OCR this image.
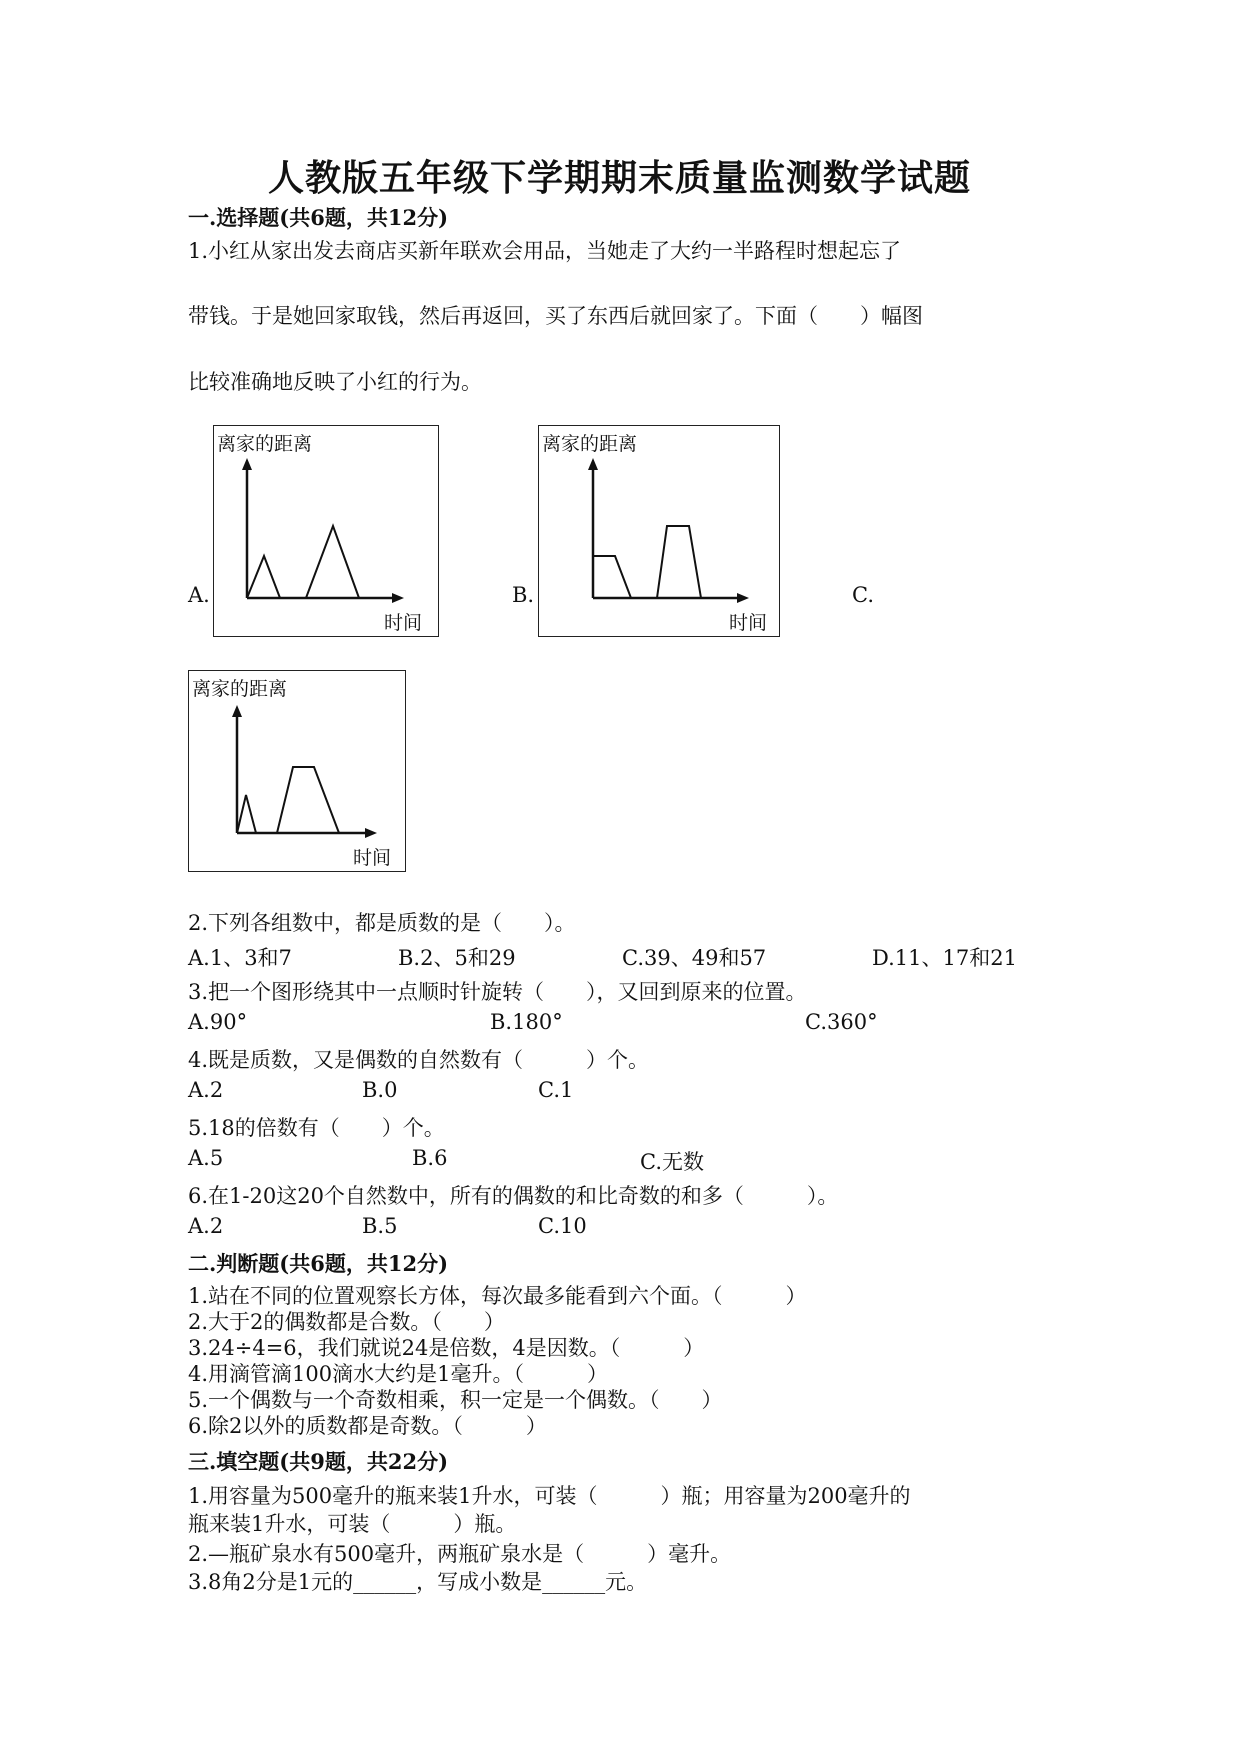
人教版五年级下学期期末质量监测数学试题
一.选择题(共6题，共12分)
1.小红从家出发去商店买新年联欢会用品，当她走了大约一半路程时想起忘了
带钱。于是她回家取钱，然后再返回，买了东西后就回家了。下面（　　）幅图
比较准确地反映了小红的行为。
A.	B.	C.
离家的距离
时间
离家的距离
时间
离家的距离
时间
2.下列各组数中，都是质数的是（　　）。
A.1、3和7	B.2、5和29	C.39、49和57	D.11、17和21
3.把一个图形绕其中一点顺时针旋转（　　），又回到原来的位置。
A.90°	B.180°	C.360°
4.既是质数，又是偶数的自然数有（　　　）个。
A.2	B.0	C.1
5.18的倍数有（　　）个。
A.5	B.6	C.无数
6.在1-20这20个自然数中，所有的偶数的和比奇数的和多（　　　）。
A.2	B.5	C.10
二.判断题(共6题，共12分)
1.站在不同的位置观察长方体，每次最多能看到六个面。（　　　）
2.大于2的偶数都是合数。（　　）
3.24÷4=6，我们就说24是倍数，4是因数。（　　　）
4.用滴管滴100滴水大约是1毫升。（　　　）
5.一个偶数与一个奇数相乘，积一定是一个偶数。（　　）
6.除2以外的质数都是奇数。（　　　）
三.填空题(共9题，共22分)
1.用容量为500毫升的瓶来装1升水，可装（　　　）瓶；用容量为200毫升的
瓶来装1升水，可装（　　　）瓶。
2.—瓶矿泉水有500毫升，两瓶矿泉水是（　　　）毫升。
3.8角2分是1元的______，写成小数是______元。
